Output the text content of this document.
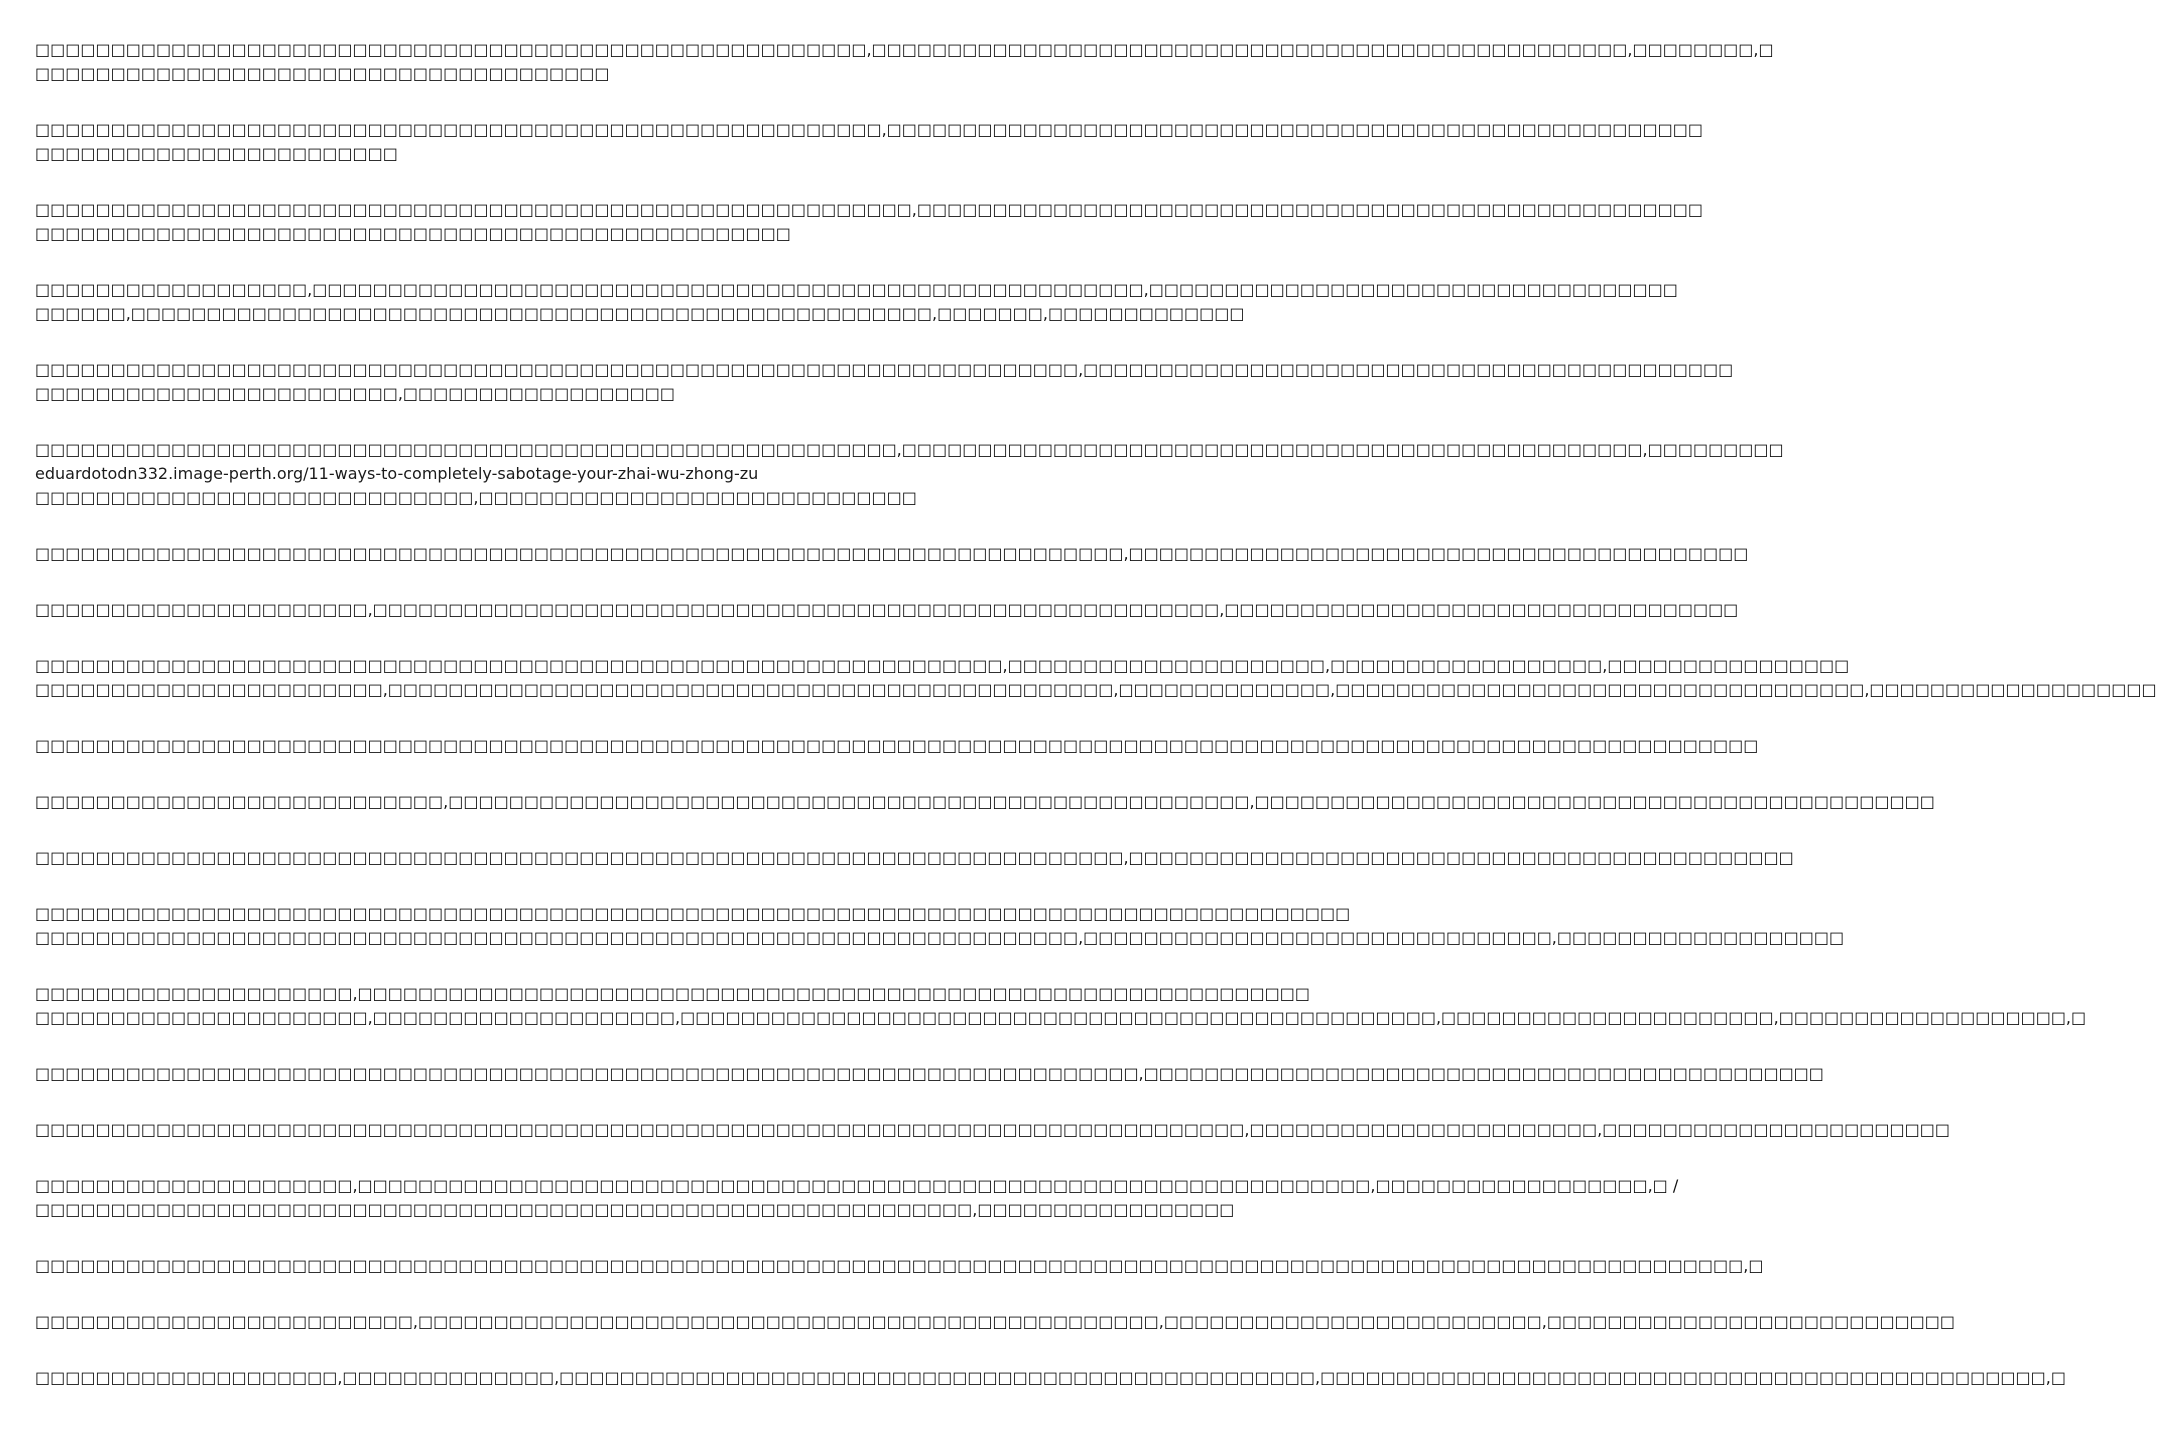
□□□□□□□□□□□□□□□□□□□□□□□□□□□□□□□□□□□□□□□□□□□□□□□□□□□□□□□,□□□□□□□□□□□□□□□□□□□□□□□□□□□□□□□□□□□□□□□□□□□□□□□□□□,□□□□□□□□,□
□□□□□□□□□□□□□□□□□□□□□□□□□□□□□□□□□□□□□□
□□□□□□□□□□□□□□□□□□□□□□□□□□□□□□□□□□□□□□□□□□□□□□□□□□□□□□□□,□□□□□□□□□□□□□□□□□□□□□□□□□□□□□□□□□□□□□□□□□□□□□□□□□□□□□□
□□□□□□□□□□□□□□□□□□□□□□□□
□□□□□□□□□□□□□□□□□□□□□□□□□□□□□□□□□□□□□□□□□□□□□□□□□□□□□□□□□□,□□□□□□□□□□□□□□□□□□□□□□□□□□□□□□□□□□□□□□□□□□□□□□□□□□□□
□□□□□□□□□□□□□□□□□□□□□□□□□□□□□□□□□□□□□□□□□□□□□□□□□□
□□□□□□□□□□□□□□□□□□,□□□□□□□□□□□□□□□□□□□□□□□□□□□□□□□□□□□□□□□□□□□□□□□□□□□□□□□,□□□□□□□□□□□□□□□□□□□□□□□□□□□□□□□□□□□
□□□□□□,□□□□□□□□□□□□□□□□□□□□□□□□□□□□□□□□□□□□□□□□□□□□□□□□□□□□□,□□□□□□□,□□□□□□□□□□□□□
□□□□□□□□□□□□□□□□□□□□□□□□□□□□□□□□□□□□□□□□□□□□□□□□□□□□□□□□□□□□□□□□□□□□□,□□□□□□□□□□□□□□□□□□□□□□□□□□□□□□□□□□□□□□□□□□□
□□□□□□□□□□□□□□□□□□□□□□□□,□□□□□□□□□□□□□□□□□□
□□□□□□□□□□□□□□□□□□□□□□□□□□□□□□□□□□□□□□□□□□□□□□□□□□□□□□□□□,□□□□□□□□□□□□□□□□□□□□□□□□□□□□□□□□□□□□□□□□□□□□□□□□□,□□□□□□□□□
eduardotodn332.image-perth.org/11-ways-to-completely-sabotage-your-zhai-wu-zhong-zu
□□□□□□□□□□□□□□□□□□□□□□□□□□□□□,□□□□□□□□□□□□□□□□□□□□□□□□□□□□□
□□□□□□□□□□□□□□□□□□□□□□□□□□□□□□□□□□□□□□□□□□□□□□□□□□□□□□□□□□□□□□□□□□□□□□□□,□□□□□□□□□□□□□□□□□□□□□□□□□□□□□□□□□□□□□□□□□
□□□□□□□□□□□□□□□□□□□□□□,□□□□□□□□□□□□□□□□□□□□□□□□□□□□□□□□□□□□□□□□□□□□□□□□□□□□□□□□,□□□□□□□□□□□□□□□□□□□□□□□□□□□□□□□□□□
□□□□□□□□□□□□□□□□□□□□□□□□□□□□□□□□□□□□□□□□□□□□□□□□□□□□□□□□□□□□□□□□,□□□□□□□□□□□□□□□□□□□□□,□□□□□□□□□□□□□□□□□□,□□□□□□□□□□□□□□□□
□□□□□□□□□□□□□□□□□□□□□□□,□□□□□□□□□□□□□□□□□□□□□□□□□□□□□□□□□□□□□□□□□□□□□□□□,□□□□□□□□□□□□□□,□□□□□□□□□□□□□□□□□□□□□□□□□□□□□□□□□□□,□□□□□□□□□□□□□□□□□□□
□□□□□□□□□□□□□□□□□□□□□□□□□□□□□□□□□□□□□□□□□□□□□□□□□□□□□□□□□□□□□□□□□□□□□□□□□□□□□□□□□□□□□□□□□□□□□□□□□□□□□□□□□□□□□□□□□□
□□□□□□□□□□□□□□□□□□□□□□□□□□□,□□□□□□□□□□□□□□□□□□□□□□□□□□□□□□□□□□□□□□□□□□□□□□□□□□□□□,□□□□□□□□□□□□□□□□□□□□□□□□□□□□□□□□□□□□□□□□□□□□□
□□□□□□□□□□□□□□□□□□□□□□□□□□□□□□□□□□□□□□□□□□□□□□□□□□□□□□□□□□□□□□□□□□□□□□□□,□□□□□□□□□□□□□□□□□□□□□□□□□□□□□□□□□□□□□□□□□□□□
□□□□□□□□□□□□□□□□□□□□□□□□□□□□□□□□□□□□□□□□□□□□□□□□□□□□□□□□□□□□□□□□□□□□□□□□□□□□□□□□□□□□□□□
□□□□□□□□□□□□□□□□□□□□□□□□□□□□□□□□□□□□□□□□□□□□□□□□□□□□□□□□□□□□□□□□□□□□□,□□□□□□□□□□□□□□□□□□□□□□□□□□□□□□□,□□□□□□□□□□□□□□□□□□□
□□□□□□□□□□□□□□□□□□□□□,□□□□□□□□□□□□□□□□□□□□□□□□□□□□□□□□□□□□□□□□□□□□□□□□□□□□□□□□□□□□□□□
□□□□□□□□□□□□□□□□□□□□□□,□□□□□□□□□□□□□□□□□□□□,□□□□□□□□□□□□□□□□□□□□□□□□□□□□□□□□□□□□□□□□□□□□□□□□□□,□□□□□□□□□□□□□□□□□□□□□□,□□□□□□□□□□□□□□□□□□□,□
□□□□□□□□□□□□□□□□□□□□□□□□□□□□□□□□□□□□□□□□□□□□□□□□□□□□□□□□□□□□□□□□□□□□□□□□□,□□□□□□□□□□□□□□□□□□□□□□□□□□□□□□□□□□□□□□□□□□□□□
□□□□□□□□□□□□□□□□□□□□□□□□□□□□□□□□□□□□□□□□□□□□□□□□□□□□□□□□□□□□□□□□□□□□□□□□□□□□□□□□,□□□□□□□□□□□□□□□□□□□□□□□,□□□□□□□□□□□□□□□□□□□□□□□
□□□□□□□□□□□□□□□□□□□□□,□□□□□□□□□□□□□□□□□□□□□□□□□□□□□□□□□□□□□□□□□□□□□□□□□□□□□□□□□□□□□□□□□□□,□□□□□□□□□□□□□□□□□□,□ /
□□□□□□□□□□□□□□□□□□□□□□□□□□□□□□□□□□□□□□□□□□□□□□□□□□□□□□□□□□□□□□,□□□□□□□□□□□□□□□□□
□□□□□□□□□□□□□□□□□□□□□□□□□□□□□□□□□□□□□□□□□□□□□□□□□□□□□□□□□□□□□□□□□□□□□□□□□□□□□□□□□□□□□□□□□□□□□□□□□□□□□□□□□□□□□□□□□,□
□□□□□□□□□□□□□□□□□□□□□□□□□,□□□□□□□□□□□□□□□□□□□□□□□□□□□□□□□□□□□□□□□□□□□□□□□□□,□□□□□□□□□□□□□□□□□□□□□□□□□,□□□□□□□□□□□□□□□□□□□□□□□□□□□
□□□□□□□□□□□□□□□□□□□□,□□□□□□□□□□□□□□,□□□□□□□□□□□□□□□□□□□□□□□□□□□□□□□□□□□□□□□□□□□□□□□□□□,□□□□□□□□□□□□□□□□□□□□□□□□□□□□□□□□□□□□□□□□□□□□□□□□,□
